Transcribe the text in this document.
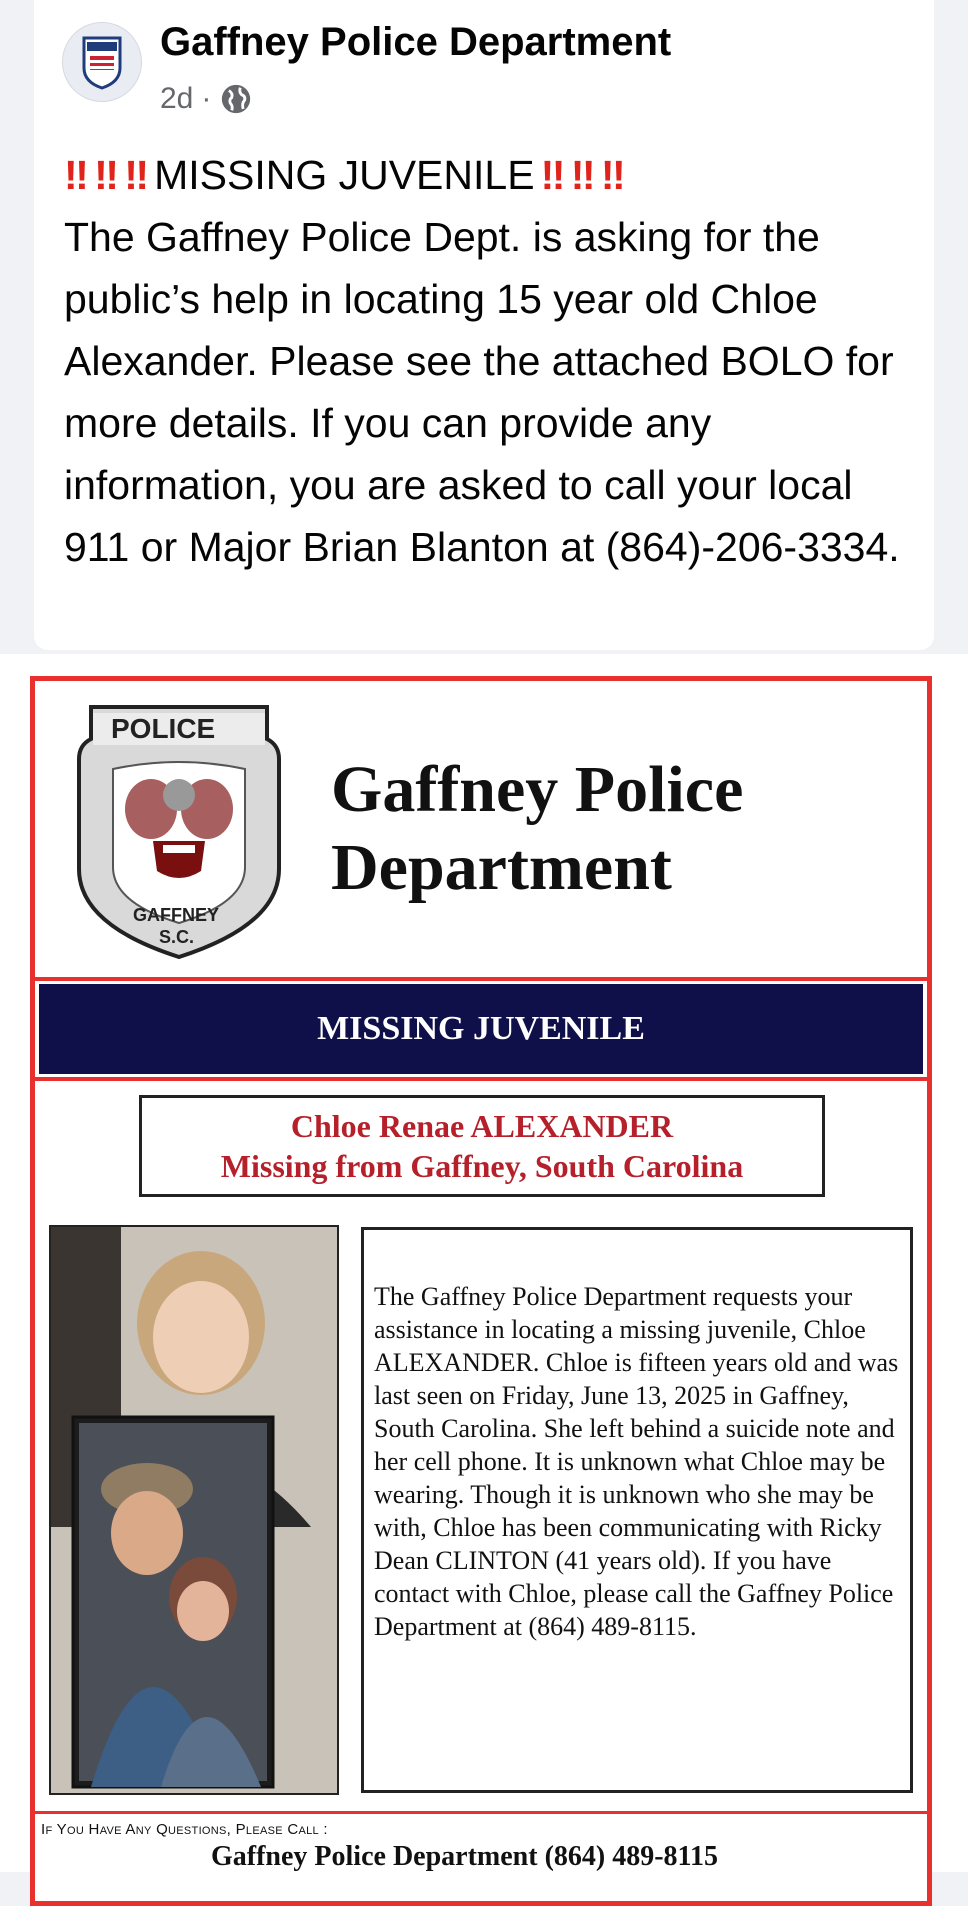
Gaffney Police Department
2d ·
‼ ‼ ‼ MISSING JUVENILE ‼ ‼ ‼
The Gaffney Police Dept. is asking for the public’s help in locating 15 year old Chloe Alexander. Please see the attached BOLO for more details. If you can provide any information, you are asked to call your local 911 or Major Brian Blanton at (864)-206-3334.
POLICE
GAFFNEY
S.C.
Gaffney Police
Department
MISSING JUVENILE
Chloe Renae ALEXANDER
Missing from Gaffney, South Carolina
The Gaffney Police Department requests your assistance in locating a missing juvenile, Chloe ALEXANDER. Chloe is fifteen years old and was last seen on Friday, June 13, 2025 in Gaffney, South Carolina. She left behind a suicide note and her cell phone. It is unknown what Chloe may be wearing. Though it is unknown who she may be with, Chloe has been communicating with Ricky Dean CLINTON (41 years old). If you have contact with Chloe, please call the Gaffney Police Department at (864) 489-8115.
If You Have Any Questions, Please Call :
Gaffney Police Department (864) 489-8115
